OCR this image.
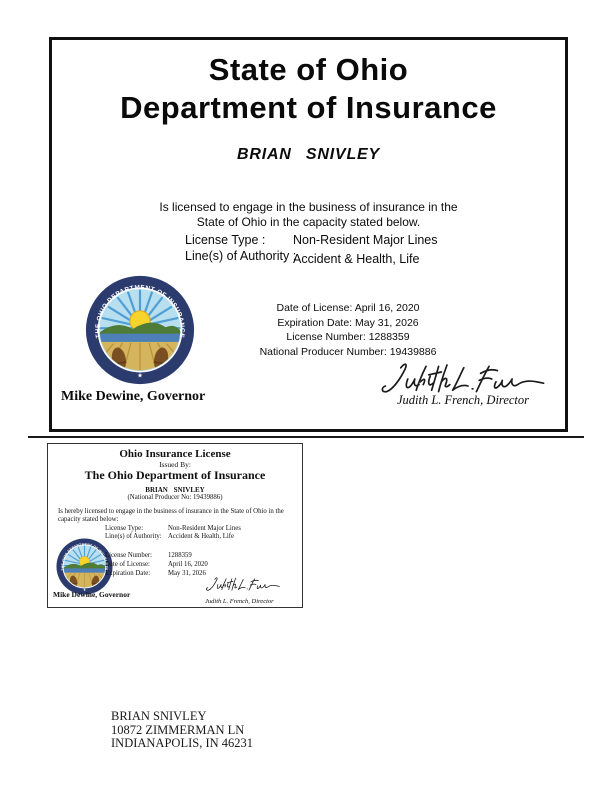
State of Ohio
Department of Insurance
BRIAN SNIVLEY
Is licensed to engage in the business of insurance in the
State of Ohio in the capacity stated below.
License Type : Non-Resident Major Lines
Line(s) of Authority :
Accident & Health, Life
Date of License: April 16, 2020
Expiration Date: May 31, 2026
License Number: 1288359
National Producer Number: 19439886
Judith L. French, Director
Mike Dewine, Governor
Ohio Insurance License
Issued By:
The Ohio Department of Insurance
BRIAN SNIVLEY
(National Producer No: 19439886)
Is hereby licensed to engage in the business of insurance in the State of Ohio in the capacity stated below:
License Type:	Non-Resident Major Lines
Line(s) of Authority: Accident & Health, Life
License Number: 1288359
Date of License:	April 16, 2020
Expiration Date:	May 31, 2026
Mike Dewine, Governor
Judith L. French, Director
BRIAN SNIVLEY
10872 ZIMMERMAN LN
INDIANAPOLIS, IN 46231
